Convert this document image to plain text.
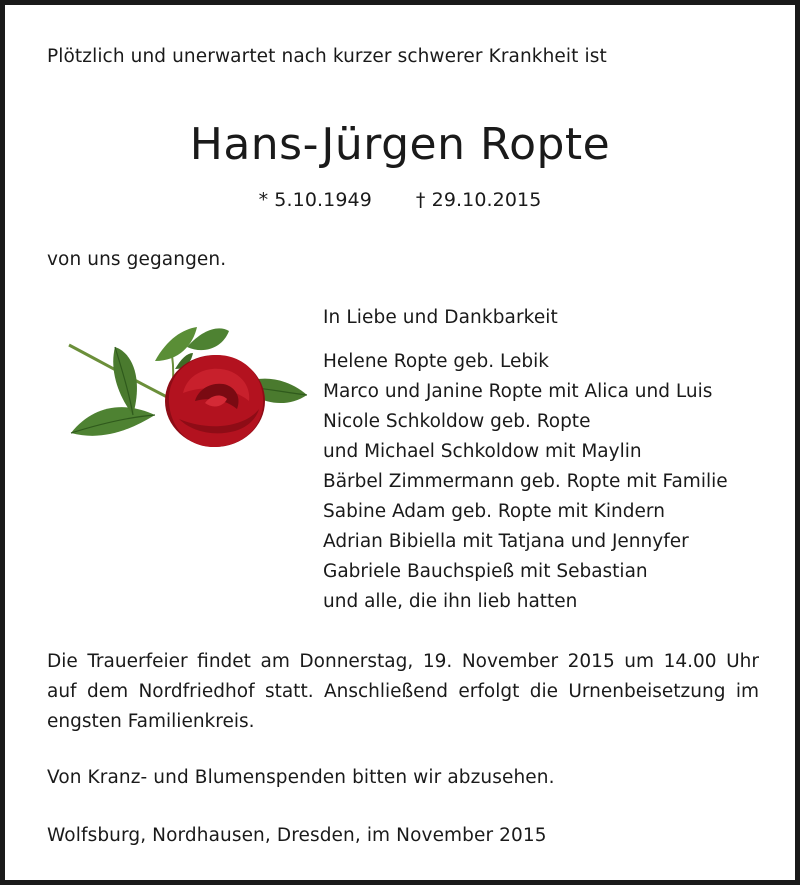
Plötzlich und unerwartet nach kurzer schwerer Krankheit ist
Hans-Jürgen Ropte
* 5.10.1949 † 29.10.2015
von uns gegangen.
In Liebe und Dankbarkeit
Helene Ropte geb. Lebik
Marco und Janine Ropte mit Alica und Luis
Nicole Schkoldow geb. Ropte
und Michael Schkoldow mit Maylin
Bärbel Zimmermann geb. Ropte mit Familie
Sabine Adam geb. Ropte mit Kindern
Adrian Bibiella mit Tatjana und Jennyfer
Gabriele Bauchspieß mit Sebastian
und alle, die ihn lieb hatten
Die Trauerfeier findet am Donnerstag, 19. November 2015 um 14.00 Uhr
auf dem Nordfriedhof statt. Anschließend erfolgt die Urnenbeisetzung im
engsten Familienkreis.
Von Kranz- und Blumenspenden bitten wir abzusehen.
Wolfsburg, Nordhausen, Dresden, im November 2015
